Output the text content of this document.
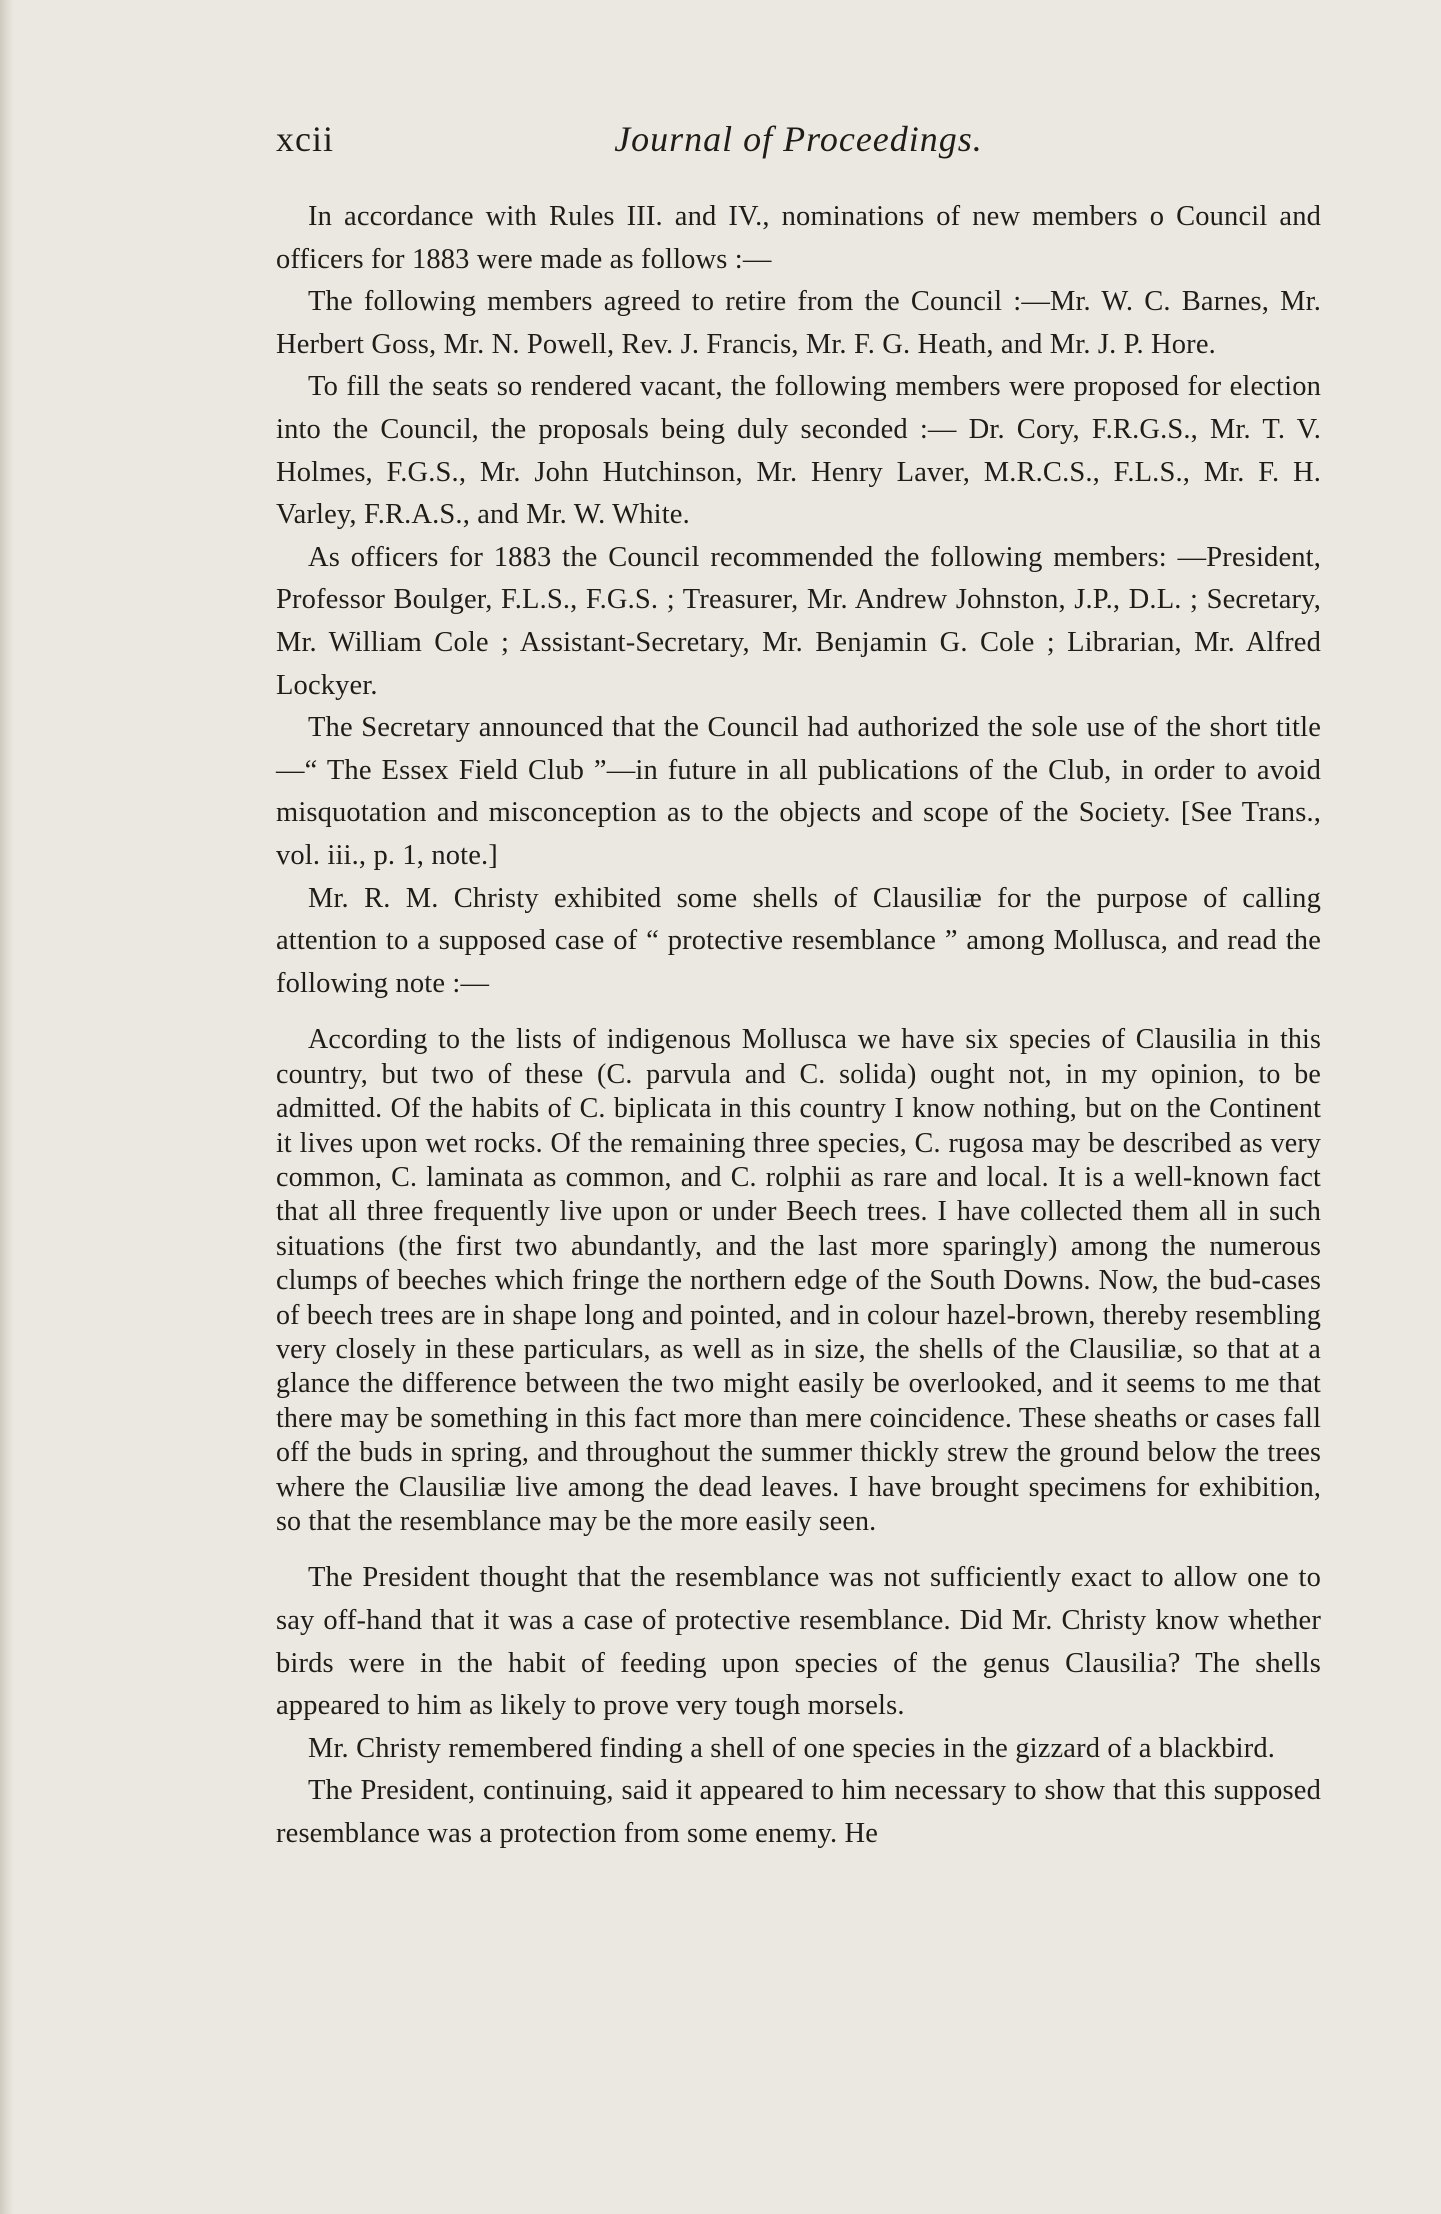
xcii	Journal of Proceedings.

In accordance with Rules III. and IV., nominations of new members o Council and officers for 1883 were made as follows :—

The following members agreed to retire from the Council :—Mr. W. C. Barnes, Mr. Herbert Goss, Mr. N. Powell, Rev. J. Francis, Mr. F. G. Heath, and Mr. J. P. Hore.

To fill the seats so rendered vacant, the following members were proposed for election into the Council, the proposals being duly seconded :— Dr. Cory, F.R.G.S., Mr. T. V. Holmes, F.G.S., Mr. John Hutchinson, Mr. Henry Laver, M.R.C.S., F.L.S., Mr. F. H. Varley, F.R.A.S., and Mr. W. White.

As officers for 1883 the Council recommended the following members: —President, Professor Boulger, F.L.S., F.G.S. ; Treasurer, Mr. Andrew Johnston, J.P., D.L. ; Secretary, Mr. William Cole ; Assistant-Secretary, Mr. Benjamin G. Cole ; Librarian, Mr. Alfred Lockyer.

The Secretary announced that the Council had authorized the sole use of the short title—“ The Essex Field Club ”—in future in all publications of the Club, in order to avoid misquotation and misconception as to the objects and scope of the Society. [See Trans., vol. iii., p. 1, note.]

Mr. R. M. Christy exhibited some shells of Clausiliæ for the purpose of calling attention to a supposed case of “ protective resemblance ” among Mollusca, and read the following note :—

According to the lists of indigenous Mollusca we have six species of Clausilia in this country, but two of these (C. parvula and C. solida) ought not, in my opinion, to be admitted. Of the habits of C. biplicata in this country I know nothing, but on the Continent it lives upon wet rocks. Of the remaining three species, C. rugosa may be described as very common, C. laminata as common, and C. rolphii as rare and local. It is a well-known fact that all three frequently live upon or under Beech trees. I have collected them all in such situations (the first two abundantly, and the last more sparingly) among the numerous clumps of beeches which fringe the northern edge of the South Downs. Now, the bud-cases of beech trees are in shape long and pointed, and in colour hazel-brown, thereby resembling very closely in these particulars, as well as in size, the shells of the Clausiliæ, so that at a glance the difference between the two might easily be overlooked, and it seems to me that there may be something in this fact more than mere coincidence. These sheaths or cases fall off the buds in spring, and throughout the summer thickly strew the ground below the trees where the Clausiliæ live among the dead leaves. I have brought specimens for exhibition, so that the resemblance may be the more easily seen.

The President thought that the resemblance was not sufficiently exact to allow one to say off-hand that it was a case of protective resemblance. Did Mr. Christy know whether birds were in the habit of feeding upon species of the genus Clausilia? The shells appeared to him as likely to prove very tough morsels.

Mr. Christy remembered finding a shell of one species in the gizzard of a blackbird.

The President, continuing, said it appeared to him necessary to show that this supposed resemblance was a protection from some enemy. He
